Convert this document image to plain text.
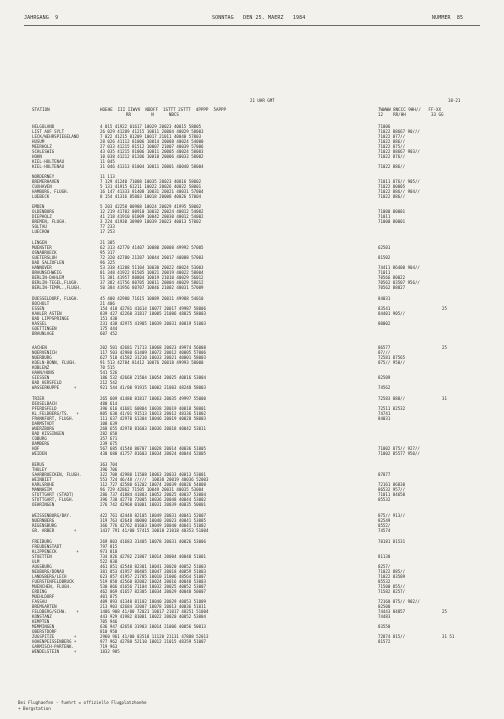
JAHRGANG  9	SONNTAG   DEN 25. MAERZ   1984	NUMMER  85
21 UHR GMT	18-21
STATION	HOEHE  III IIWVV  NDDFF  1STTT 2STTT  4PPPP  5APPP	7WWWW 8NCCC 9HH//   FF-XX
RR        N      NBCS	12    RR/HH          33 GG
HELGOLAND	4 015 41922 01617 10029 20023 40015 58005	71006
LIST AUF SYLT	26 029 41209 41215 10011 20004 40029 58003	71022 88667 90///
LECK/WEHRSPIEGELAND	7 022 41215 81209 10017 21011 40040 57003	71022 877//
HUSUM	28 026 41112 81006 10014 20008 40024 54000	71022 886//
MEERHOLZ	27 033 41215 81512 10007 21007 40039 57006	71022 875//
SCHLESWIG	43 035 41215 81006 10011 20005 40024 58003	71022 88667 903//
HOHN	10 038 41212 81206 10018 20006 40033 58002	71022 876//
KIEL-HOLTENAU	11 045
KIEL-HOLTENAU	31 046 41313 81004 10011 20001 40040 58004	71022 886//
NORDERNEY	11 113
BREMERHAVEN	7 129 41240 71008 10035 20023 40016 58002	71011 876// 905//
CUXHAVEN	5 131 41915 61211 10022 20026 40022 58001	71022 80005
HAMBURG, FLUGH.	16 147 41333 81408 10031 20021 40031 57004	71022 886// 904//
LUEBECK	8 154 41316 85803 10018 20008 40026 57004	71022 886//
EMDEN	5 203 42258 00908 10024 20029 41995 58002
OLDENBURG	12 219 41702 00910 10032 20024 40012 54002	71000 80001
DIEPHOLZ	41 218 41910 01009 10042 20030 40012 54002	71011
BREMEN, FLUGH.	3 224 41930 30909 10039 20023 40013 57002	71000 80001
SOLTAU	77 233
LUECHOW	17 253
LINGEN	21 305
MUENSTER	62 313 42770 41407 10080 20008 49992 57005	62501
OSNABRUECK	95 317
GUETERSLOH	72 320 42780 21207 10044 20017 40008 57003	81502
BAD SALZUFLEN	96 325
HANNOVER	53 338 41208 51104 10030 20022 40024 53003	74411 86400 904//
BRAUNSCHWEIG	81 348 41922 81505 10021 20019 40022 58004	71011
BERLIN-DAHLEM	51 381 41957 80804 10019 21010 40029 56012	70566 80022
BERLIN-TEGEL,FLUGH.	37 382 41756 80705 10011 20004 40029 58012	70562 83507 956//
BERLIN-TEMPL.,FLUGH.	50 384 41956 80707 10046 21002 40031 57009	70562 88027
DUESSELDORF, FLUGH.	45 400 42980 71615 10089 20011 49988 54010	84031
BOCHOLT	21 406
ESSEN	154 410 42781 41614 10077 20017 49987 58006	83541	25
KAHLER ASTEN	839 427 42260 31817 10005 21006 48825 58003	84401 905//
BAD LIPPSPRINGE	151 430
KASSEL	231 438 42975 41905 10039 20031 40019 51003	80002
GOETTINGEN	175 444
BRAUNLAGE	607 452
AACHEN	202 501 42681 71713 10068 20023 49974 56008	86577	25
NOERVENICH	117 503 42980 61409 10072 20012 40005 57006	87///
NUERBURG	627 510 41582 31210 10033 20021 40001 58003	72581 87565
KOELN-BONN, FLUGH.	91 513 42784 81412 10076 20018 49993 58000	875// 950//
KOBLENZ	70 515
HAHN/HUNS	541 526
GIESSEN	186 532 42668 21504 10054 20025 40016 53004	82509
BAD HERSFELD	212 542
WASSERKUPPE      +	921 544 41/00 91915 10002 21003 48248 58003	74562
TRIER	265 609 41480 81817 10063 20035 49997 55000	72583 888//	31
DEUSELBACH	480 614
PFERDSFELD	396 616 41681 60804 10038 20019 40018 58001	72511 82532
KL.FELDBERG/TS.   +	805 630 41/01 91513 10013 20012 48336 51002	74741
FRANKFURT, FLUGH.	111 637 42970 61304 10046 20019 40028 58003	84031
DARMSTADT	108 639
WUERZBURG	268 655 42970 81603 10036 20018 40042 53011
BAD KISSINGEN	282 658
COBURG	357 671
BAMBERG	239 675
HOF	567 685 41540 80707 10028 20014 40036 51005	71002 875// 927//
WEIDEN	438 688 41757 81603 10034 20024 40044 52005	71002 85577 950//
BERUS	363 704
THOLEY	396 706
SAARBRUECKEN, FLUGH.	322 708 42980 11508 10063 20033 40013 53001	87877
WEINBIET	553 724 46/48 /////  10038 20019 40036 52003
KARLSRUHE	112 727 42580 61202 10074 20039 40026 54008	72161 86830
MANNHEIM	96 729 42862 71505 10049 20031 40035 53004	86532 957//
STUTTGART (STADT)	286 737 41884 41803 10052 20025 40037 53004	71011 84650
STUTTGART, FLUGH.	396 738 42770 72005 10036 20048 40044 53002	85532
OEHRINGEN	276 742 42968 01001 10031 20039 40035 50001
WEISSENBURG/BAY.	422 761 42448 82105 10049 20031 40041 52007	875// 913//
NUERNBERG	319 763 42648 40000 10040 20023 40041 53005	82549
REGENSBURG	366 776 42762 81603 10049 20040 40041 51002	8552/
GR. ARBER        +	1437 791 41/00 57415 10018 21018 48353 51004	74574
FREIBURG	269 803 41683 31405 10078 20031 40026 53006	70181 81531
FREUDENSTADT	797 815
KLIPPENECK        +	973 818
STOETTEN	734 826 42782 21807 10014 20004 40040 51001	81130
ULM	522 838
AUGSBURG	461 851 42540 82301 10041 20020 40052 51003	8257/
NEUBURG/DONAU	381 853 41957 80405 10047 20018 40059 51003	71022 885//
LANDSBERG/LECH	623 857 41957 21705 10010 21006 48564 51007	71022 83509
FUERSTENFELDBRUCK	519 858 42560 82002 10024 20016 40040 53003	85532
MUENCHEN, FLUGH.	530 866 41656 71104 10032 20025 40052 53007	71500 855//
ERDING	462 869 41657 82305 10034 20029 40048 50007	71582 8257/
MUEHLDORF	401 875
FASSAU	409 893 41340 81102 10040 20029 40053 51009	72160 875// 902//
BREMGARTEN	213 903 42684 32007 10078 20013 40036 51011	82500
FELDBERG/SCHW.    +	1486 908 41/00 72021 10017 21017 48251 51004	74443 84857	25
KONSTANZ	443 929 41982 81001 10022 20020 40052 53004	74483
KEMPTEN	705 946
MEMMINGEN	636 947 42658 31903 10014 21006 40056 50013	83550
OBERSTDORF	810 958
ZUGSPITZE        +	2960 961 41/00 83518 11120 21131 47888 52013	72874 815//	31 51
HOHENPEISSENBERG +	977 962 42788 52110 10012 21015 48359 51007	81572
GARMISCH-PARTENK.	719 963
WENDELSTEIN      +	1832 985
Bei Flughaefen - fuehrt = offizielle Flugplatzhoehe
+ Bergstation
